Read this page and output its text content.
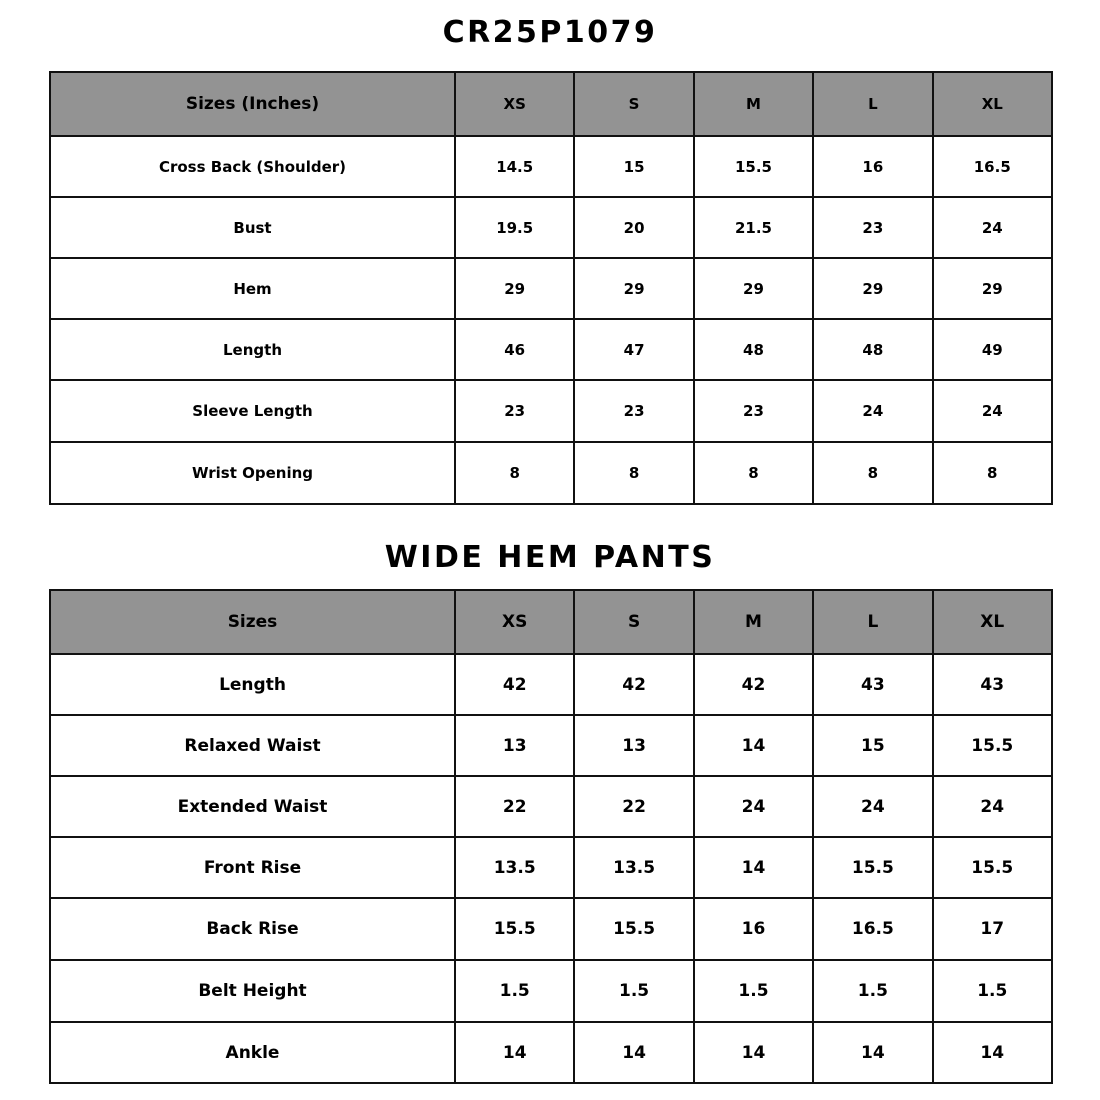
CR25P1079
Sizes (Inches)	XS	S	M	L	XL
Cross Back (Shoulder)	14.5	15	15.5	16	16.5
Bust	19.5	20	21.5	23	24
Hem	29	29	29	29	29
Length	46	47	48	48	49
Sleeve Length	23	23	23	24	24
Wrist Opening	8	8	8	8	8
WIDE HEM PANTS
Sizes	XS	S	M	L	XL
Length	42	42	42	43	43
Relaxed Waist	13	13	14	15	15.5
Extended Waist	22	22	24	24	24
Front Rise	13.5	13.5	14	15.5	15.5
Back Rise	15.5	15.5	16	16.5	17
Belt Height	1.5	1.5	1.5	1.5	1.5
Ankle	14	14	14	14	14
